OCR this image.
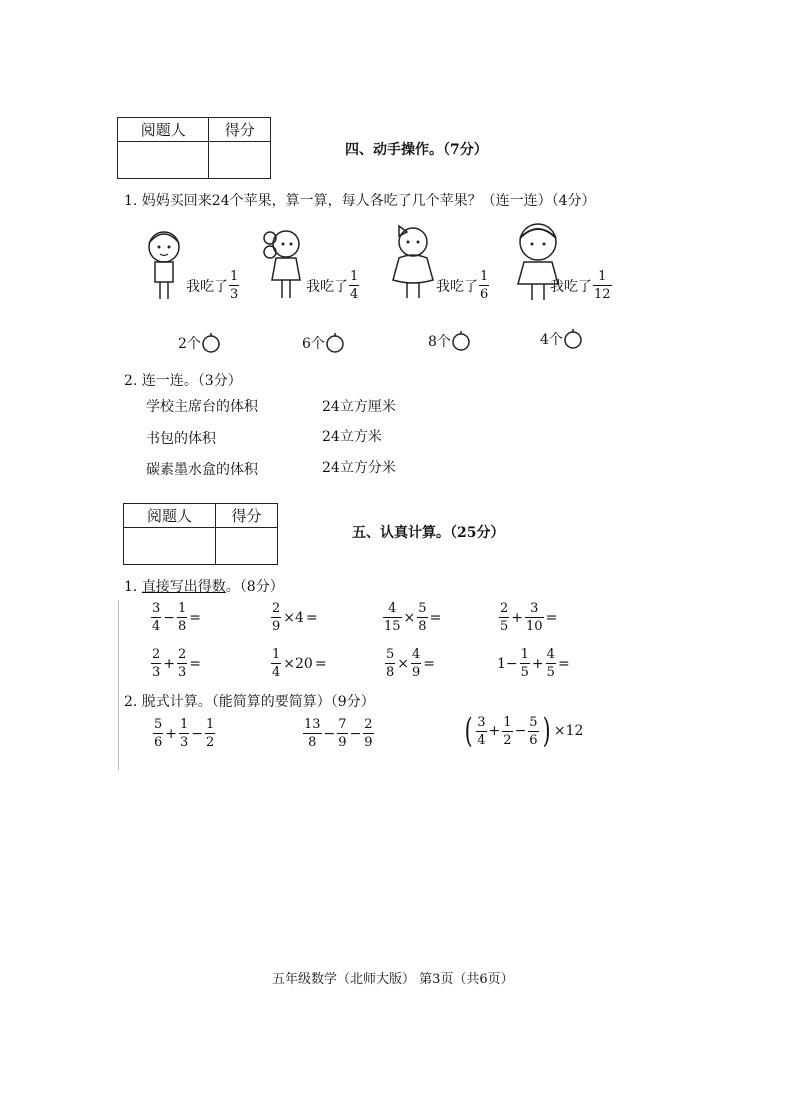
阅题人	得分

四、动手操作。（7分）
1. 妈妈买回来24个苹果，算一算，每人各吃了几个苹果？（连一连）（4分）
我吃了 $\frac{1}{3}$	我吃了 $\frac{1}{4}$	我吃了 $\frac{1}{6}$	我吃了 $\frac{1}{12}$
2个	6个	8个	4个
2. 连一连。（3分）
学校主席台的体积
书包的体积
碳素墨水盒的体积
24立方厘米
24立方米
24立方分米
阅题人	得分

五、认真计算。（25分）
1. 直接写出得数。（8分）
$\frac{3}{4} - \frac{1}{8}$ =	$\frac{2}{9} \times 4$ =	$\frac{4}{15} \times \frac{5}{8}$ =	$\frac{2}{5} + \frac{3}{10}$ =
$\frac{2}{3} + \frac{2}{3}$ =	$\frac{1}{4} \times 20$ =	$\frac{5}{8} \times \frac{4}{9}$ =	$1- \frac{1}{5} + \frac{4}{5}$ =
2. 脱式计算。（能简算的要简算）（9分）
$\frac{5}{6} + \frac{1}{3} - \frac{1}{2}$	$\frac{13}{8} - \frac{7}{9} - \frac{2}{9}$	( $\frac{3}{4} + \frac{1}{2} - \frac{5}{6}$ ) ×12
五年级数学（北师大版） 第3页（共6页）
